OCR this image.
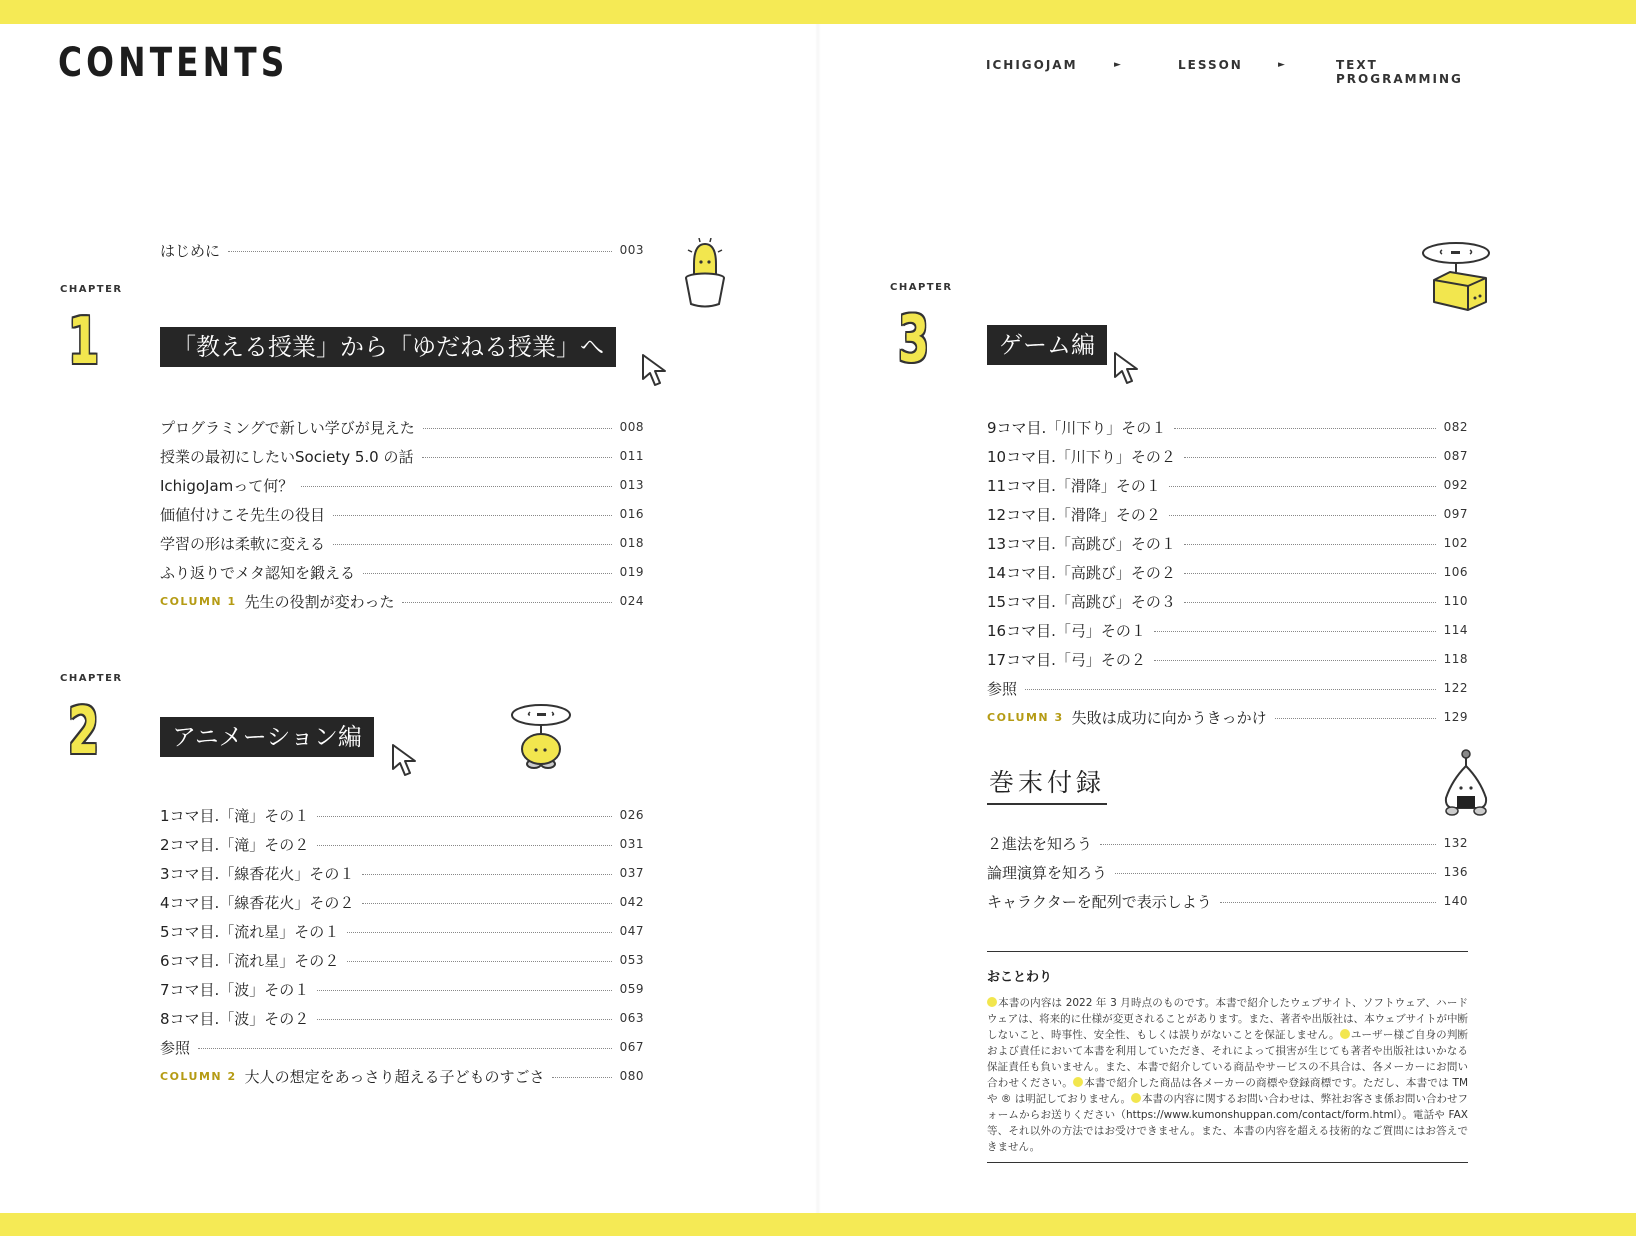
CONTENTS	ICHIGOJAM	►	LESSON	►	TEXT PROGRAMMING
はじめに	003
CHAPTER
1	「教える授業」から「ゆだねる授業」へ
プログラミングで新しい学びが見えた	008
授業の最初にしたいSociety 5.0 の話	011
IchigoJamって何？	013
価値付けこそ先生の役目	016
学習の形は柔軟に変える	018
ふり返りでメタ認知を鍛える	019
COLUMN 1 先生の役割が変わった	024
CHAPTER
2	アニメーション編
1コマ目.「滝」その１	026
2コマ目.「滝」その２	031
3コマ目.「線香花火」その１	037
4コマ目.「線香花火」その２	042
5コマ目.「流れ星」その１	047
6コマ目.「流れ星」その２	053
7コマ目.「波」その１	059
8コマ目.「波」その２	063
参照	067
COLUMN 2 大人の想定をあっさり超える子どものすごさ	080
CHAPTER
3	ゲーム編
9コマ目.「川下り」その１	082
10コマ目.「川下り」その２	087
11コマ目.「滑降」その１	092
12コマ目.「滑降」その２	097
13コマ目.「高跳び」その１	102
14コマ目.「高跳び」その２	106
15コマ目.「高跳び」その３	110
16コマ目.「弓」その１	114
17コマ目.「弓」その２	118
参照	122
COLUMN 3 失敗は成功に向かうきっかけ	129
巻末付録
２進法を知ろう	132
論理演算を知ろう	136
キャラクターを配列で表示しよう	140
おことわり
本書の内容は 2022 年 3 月時点のものです。本書で紹介したウェブサイト、ソフトウェア、ハードウェアは、将来的に仕様が変更されることがあります。また、著者や出版社は、本ウェブサイトが中断しないこと、時事性、安全性、もしくは誤りがないことを保証しません。 ユーザー様ご自身の判断および責任において本書を利用していただき、それによって損害が生じても著者や出版社はいかなる保証責任も負いません。また、本書で紹介している商品やサービスの不具合は、各メーカーにお問い合わせください。 本書で紹介した商品は各メーカーの商標や登録商標です。ただし、本書では TM や ® は明記しておりません。 本書の内容に関するお問い合わせは、弊社お客さま係お問い合わせフォームからお送りください（https://www.kumonshuppan.com/contact/form.html）。電話や FAX 等、それ以外の方法ではお受けできません。また、本書の内容を超える技術的なご質問にはお答えできません。
